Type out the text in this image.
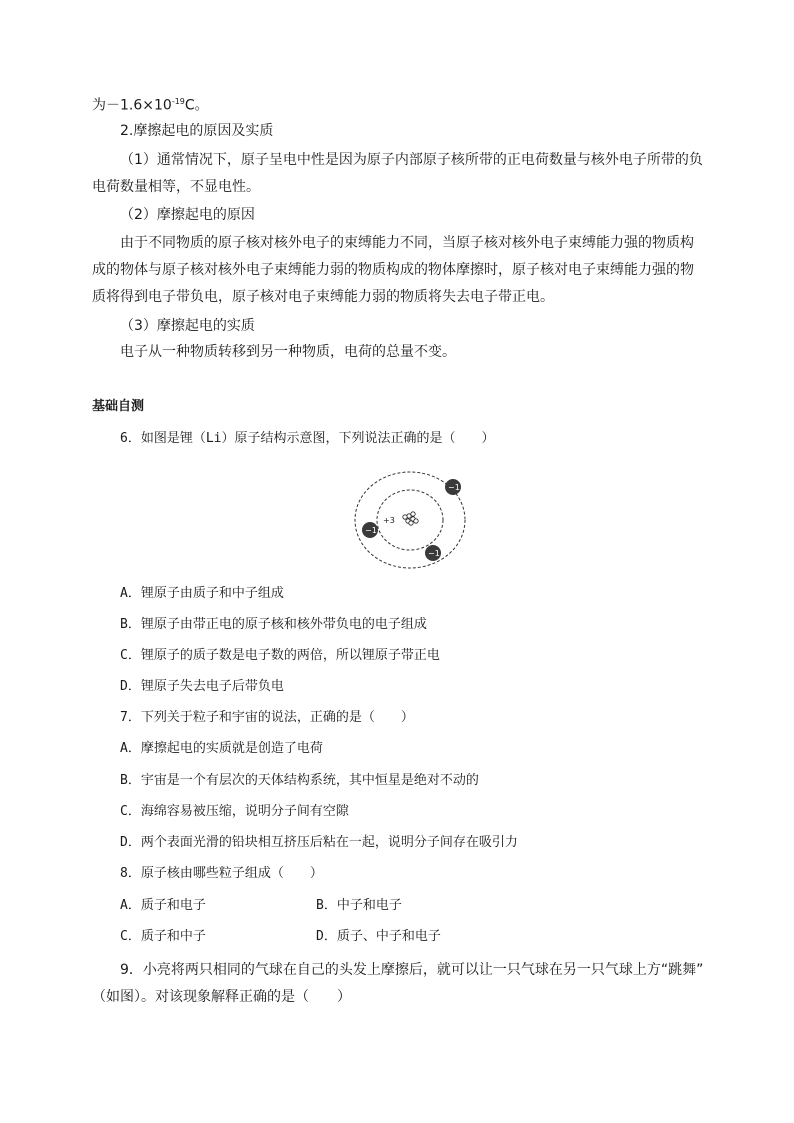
为$-1.6\times 10^{-19}C$。
2.摩擦起电的原因及实质
（1）通常情况下，原子呈电中性是因为原子内部原子核所带的正电荷数量与核外电子所带的负
电荷数量相等，不显电性。
（2）摩擦起电的原因
由于不同物质的原子核对核外电子的束缚能力不同，当原子核对核外电子束缚能力强的物质构
成的物体与原子核对核外电子束缚能力弱的物质构成的物体摩擦时，原子核对电子束缚能力强的物
质将得到电子带负电，原子核对电子束缚能力弱的物质将失去电子带正电。
（3）摩擦起电的实质
电子从一种物质转移到另一种物质，电荷的总量不变。
基础自测
6．如图是锂（Li）原子结构示意图，下列说法正确的是（　　）
+3
−1
−1
−1
A．锂原子由质子和中子组成
B．锂原子由带正电的原子核和核外带负电的电子组成
C．锂原子的质子数是电子数的两倍，所以锂原子带正电
D．锂原子失去电子后带负电
7．下列关于粒子和宇宙的说法，正确的是（　　）
A．摩擦起电的实质就是创造了电荷
B．宇宙是一个有层次的天体结构系统，其中恒星是绝对不动的
C．海绵容易被压缩，说明分子间有空隙
D．两个表面光滑的铅块相互挤压后粘在一起，说明分子间存在吸引力
8．原子核由哪些粒子组成（　　）
A．质子和电子	B．中子和电子
C．质子和中子	D．质子、中子和电子
9．小亮将两只相同的气球在自己的头发上摩擦后，就可以让一只气球在另一只气球上方“跳舞”
（如图）。对该现象解释正确的是（　　）
